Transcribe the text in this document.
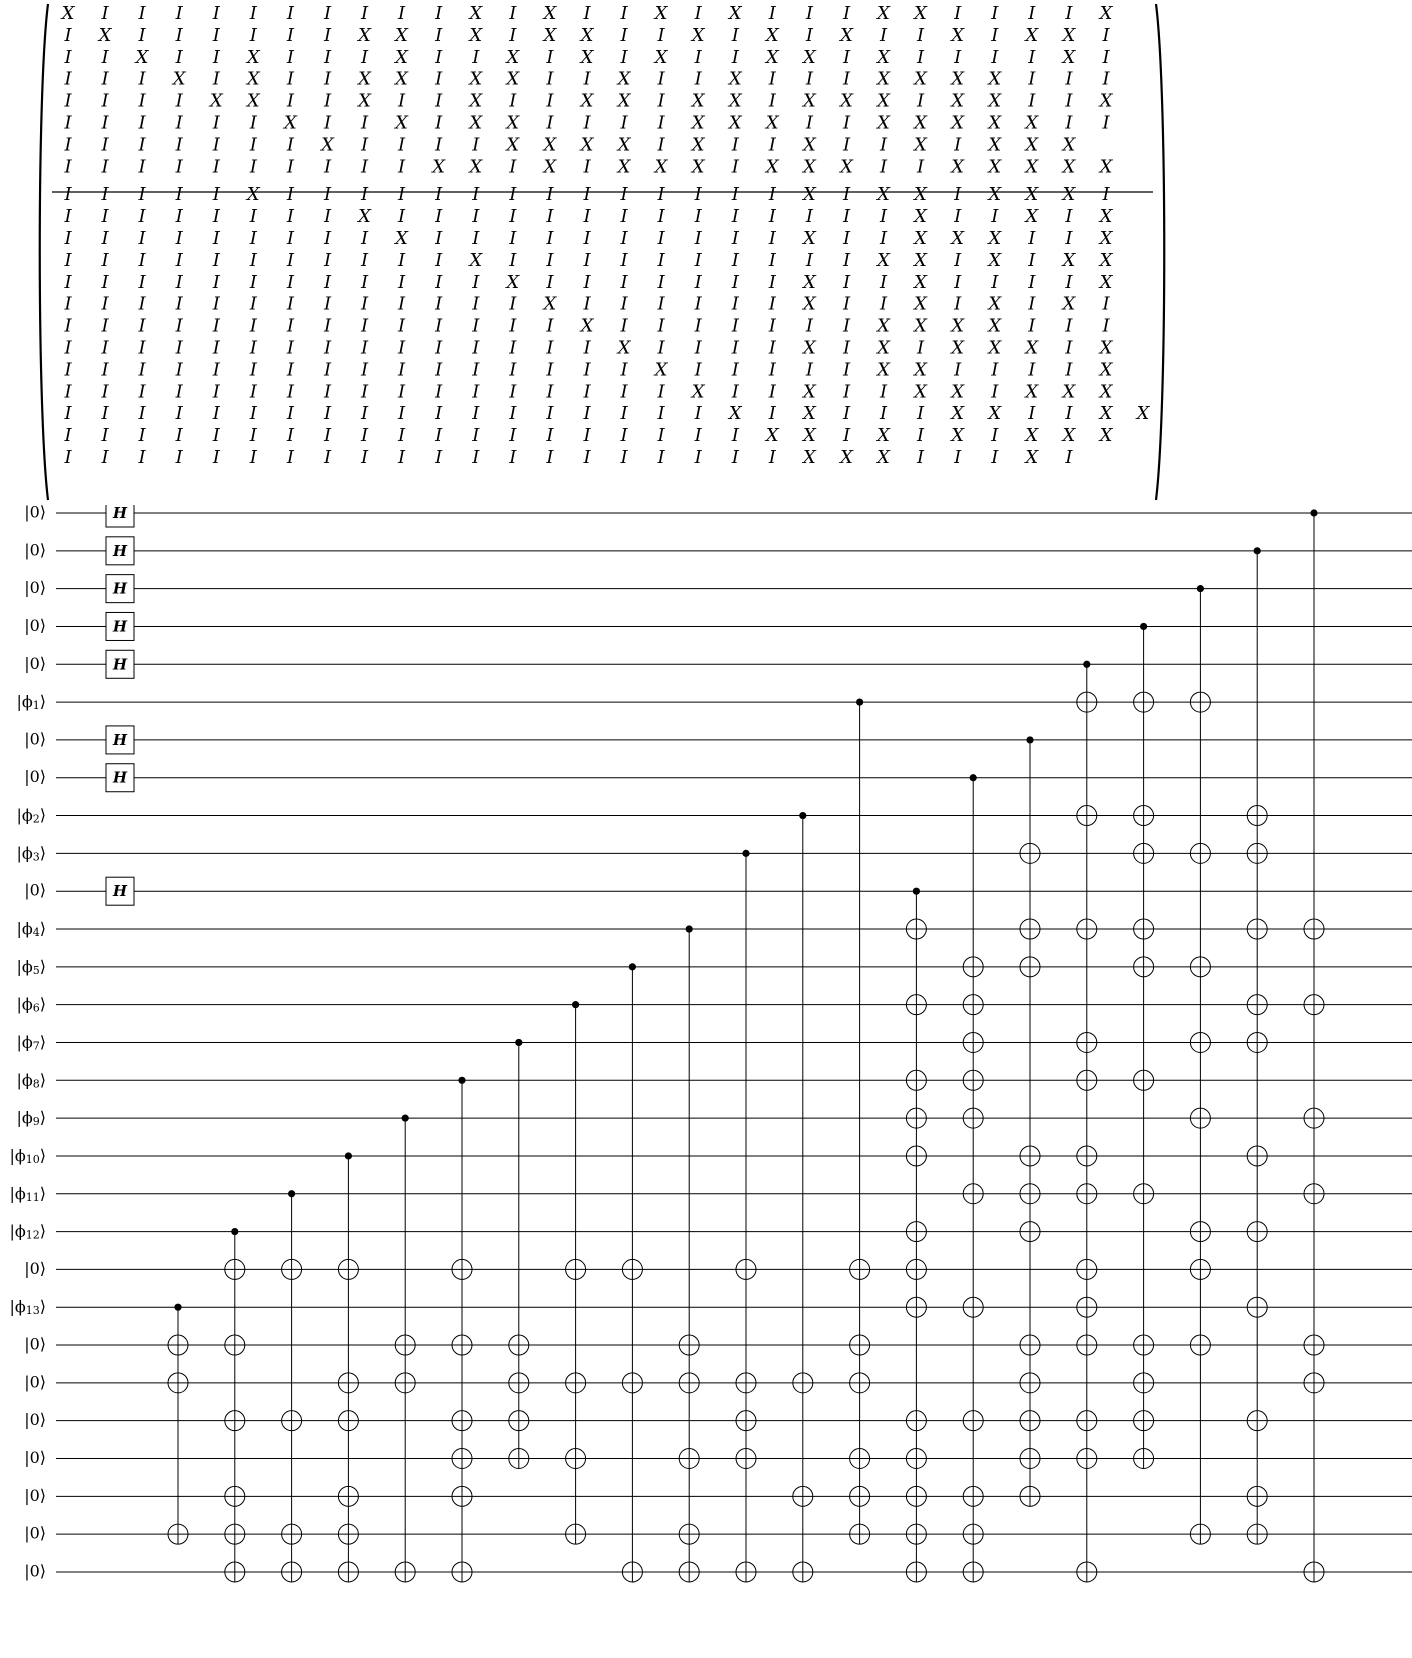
X I I I I I I I I I I X I X I I X I X I I I X X I I I I X
I X I I I I I I X X I X I X X I I X I X I X I I X I X X I
I I X I I X I I I X I I X I X I X I I X X I X I I I I X I
I I I X I X I I X X I X X I I X I I X I I I X X X X I I I
I I I I X X I I X I I X I I X X I X X I X X X I X X I I X
I I I I I I X I I X I X X I I I I X X X I I X X X X X I I
I I I I I I I X I I I I X X X X I X I I X I I X I X X X
I I I I I I I I I I X X I X I X X X I X X X I I X X X X X
I I I I I X I I I I I I I I I I I I I I X I X X I X X X I
I I I I I I I I X I I I I I I I I I I I I I I X I I X I X
I I I I I I I I I X I I I I I I I I I I X I I X X X I I X
I I I I I I I I I I I X I I I I I I I I I I X X I X I X X
I I I I I I I I I I I I X I I I I I I I X I I X I I I I X
I I I I I I I I I I I I I X I I I I I I X I I X I X I X I
I I I I I I I I I I I I I I X I I I I I I I X X X X I I I
I I I I I I I I I I I I I I I X I I I I X I X I X X X I X
I I I I I I I I I I I I I I I I X I I I I I X X I I I I X
I I I I I I I I I I I I I I I I I X I I X I I X X I X X X
I I I I I I I I I I I I I I I I I I X I X I I I X X I I X X
I I I I I I I I I I I I I I I I I I I X X I X I X I X X X
I I I I I I I I I I I I I I I I I I I I X X X I I I X I
H
H
H
H
H
H
H
H
|0⟩
|0⟩
|0⟩
|0⟩
|0⟩
$|\phi_1⟩$
|0⟩
|0⟩
$|\phi_2⟩$
$|\phi_3⟩$
|0⟩
$|\phi_4⟩$
$|\phi_5⟩$
$|\phi_6⟩$
$|\phi_7⟩$
$|\phi_8⟩$
$|\phi_9⟩$
$|\phi_{10}⟩$
$|\phi_{11}⟩$
$|\phi_{12}⟩$
|0⟩
$|\phi_{13}⟩$
|0⟩
|0⟩
|0⟩
|0⟩
|0⟩
|0⟩
|0⟩
